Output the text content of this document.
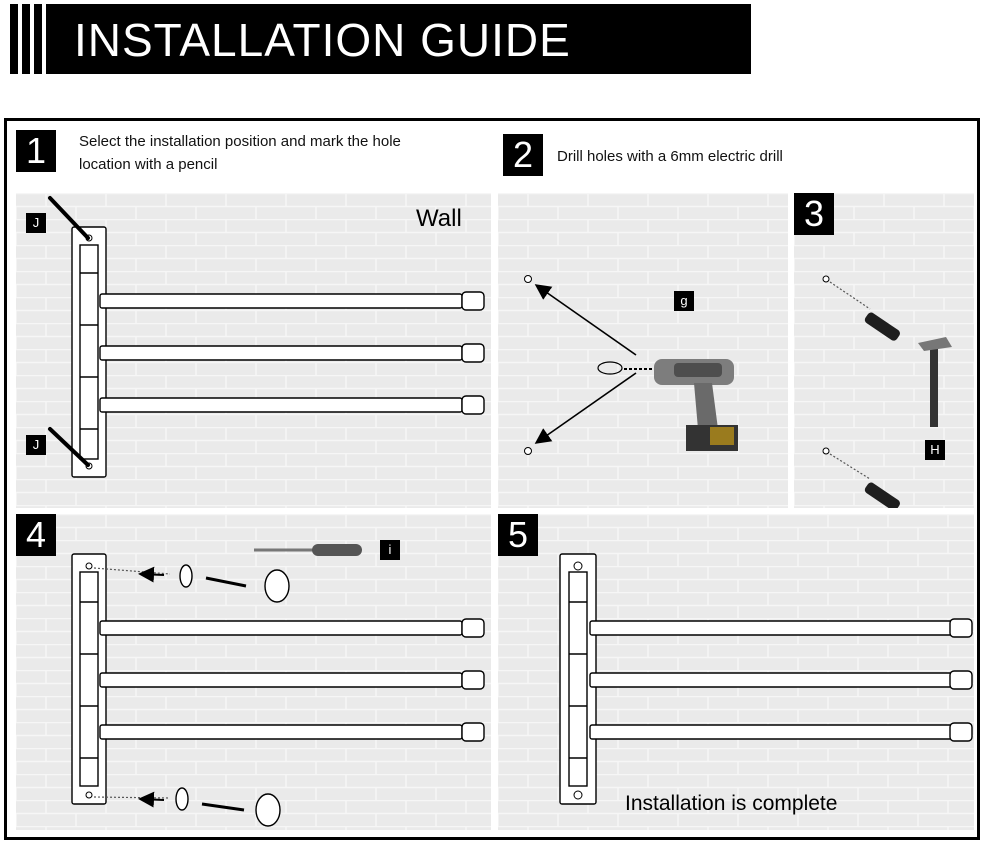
INSTALLATION GUIDE
1	Select the installation position and mark the hole
location with a pencil	2	Drill holes with a 6mm electric drill
J
J
Wall
g
3
H
4	i	5
Installation is complete
